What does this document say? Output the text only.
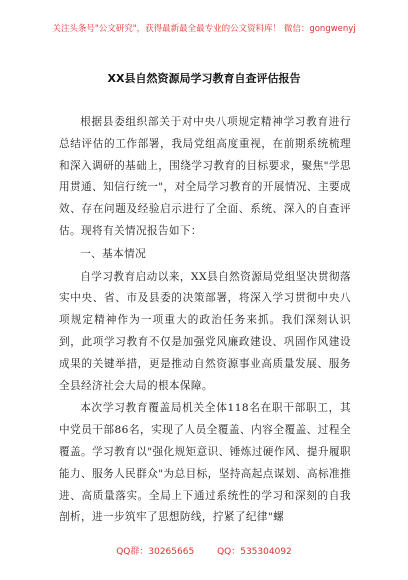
关注头条号"公文研究"，获得最新最全最专业的公文资料库！ 微信：gongwenyj
XX县自然资源局学习教育自查评估报告

根据县委组织部关于对中央八项规定精神学习教育进行总结评估的工作部署，我局党组高度重视，在前期系统梳理和深入调研的基础上，围绕学习教育的目标要求，聚焦"学思用贯通、知信行统一"，对全局学习教育的开展情况、主要成效、存在问题及经验启示进行了全面、系统、深入的自查评估。现将有关情况报告如下：

一、基本情况

自学习教育启动以来，XX县自然资源局党组坚决贯彻落实中央、省、市及县委的决策部署，将深入学习贯彻中央八项规定精神作为一项重大的政治任务来抓。我们深刻认识到，此项学习教育不仅是加强党风廉政建设、巩固作风建设成果的关键举措，更是推动自然资源事业高质量发展、服务全县经济社会大局的根本保障。

本次学习教育覆盖局机关全体118名在职干部职工，其中党员干部86名，实现了人员全覆盖、内容全覆盖、过程全覆盖。学习教育以"强化规矩意识、锤炼过硬作风、提升履职能力、服务人民群众"为总目标，坚持高起点谋划、高标准推进、高质量落实。全局上下通过系统性的学习和深刻的自我剖析，进一步筑牢了思想防线，拧紧了纪律"螺

QQ群：30265665        QQ：535304092
